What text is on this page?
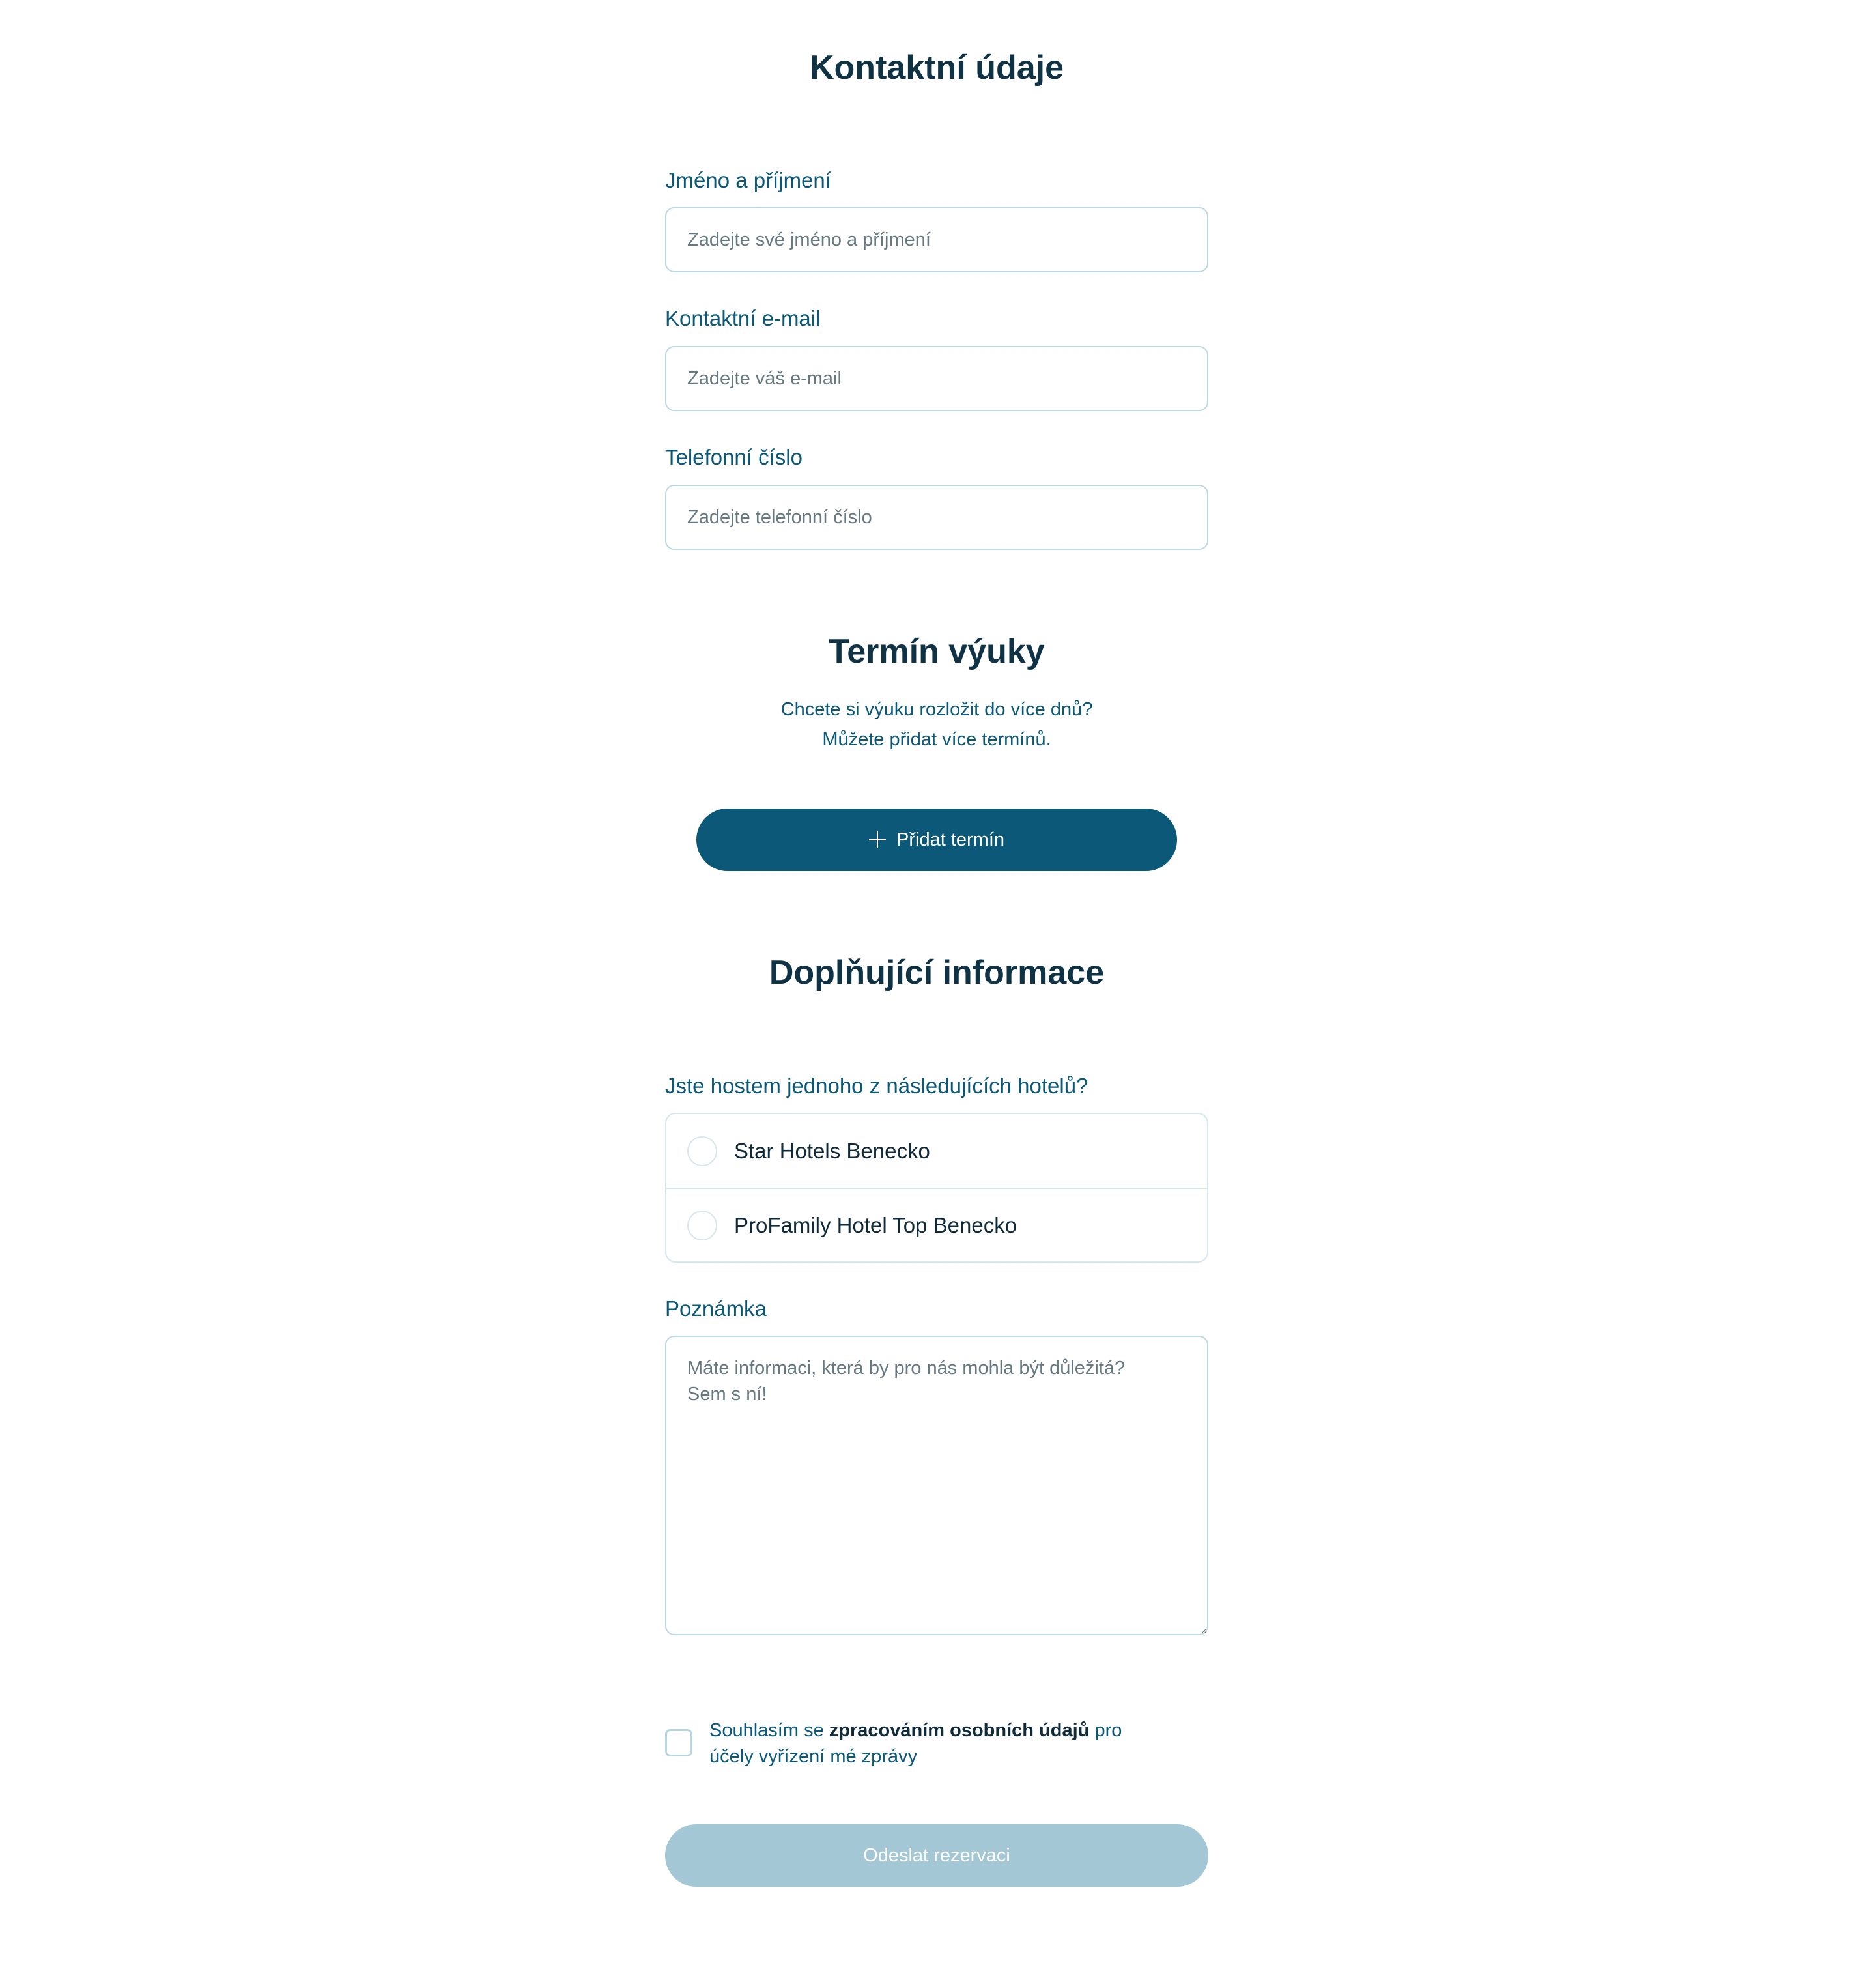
Kontaktní údaje
Jméno a příjmení
Zadejte své jméno a příjmení
Kontaktní e-mail
Zadejte váš e-mail
Telefonní číslo
Zadejte telefonní číslo
Termín výuky
Chcete si výuku rozložit do více dnů?
Můžete přidat více termínů.
Přidat termín
Doplňující informace
Jste hostem jednoho z následujících hotelů?
Star Hotels Benecko
ProFamily Hotel Top Benecko
Poznámka
Máte informaci, která by pro nás mohla být důležitá? Sem s ní!
Souhlasím se zpracováním osobních údajů pro účely vyřízení mé zprávy
Odeslat rezervaci
